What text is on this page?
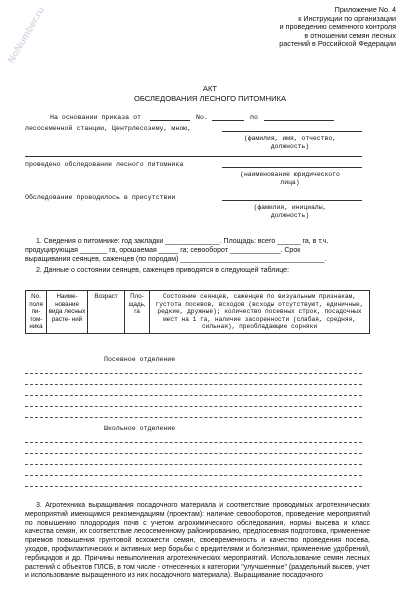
NoNumber.ru	Приложение No. 4
к Инструкции по организации
и проведению семенного контроля
в отношении семян лесных
растений в Российской Федерации
АКТ
ОБСЛЕДОВАНИЯ ЛЕСНОГО ПИТОМНИКА
На основании приказа от	No.	по
лесосеменной станции, Центрлесозему, мною,
(фамилия, имя, отчество, должность)
проведено обследование лесного питомника
(наименование юридического лица)
Обследование проводилось в присутствии
(фамилия, инициалы, должность)
1. Сведения о питомнике: год закладки ______________. Площадь: всего ______ га, в т.ч.
продуцирующая _______ га, орошаемая _____ га; севооборот _____________. Срок
выращивания сеянцев, саженцев (по породам) _____________________________________.
2. Данные о состоянии сеянцев, саженцев приводятся в следующей таблице:
No. поля пи- том- ника	Наиме- нование вида лесных расте- ний	Возраст	Пло- щадь, га	Состояние сеянцев, саженцев по визуальным признакам, густота посевов, всходов (всходы отсутствуют, единичные, редкие, дружные); количество посевных строк, посадочных мест на 1 га, наличие засоренности (слабая, средняя, сильная), преобладающие сорняки
Посевное отделение
Школьное отделение
3. Агротехника выращивания посадочного материала и соответствие проводимых агротехнических мероприятий имеющимся рекомендациям (проектам): наличие севооборотов, проведение мероприятий по повышению плодородия почв с учетом агрохимического обследования, нормы высева и класс качества семян, их соответствие лесосеменному районированию, предпосевная подготовка, применение приемов повышения грунтовой всхожести семян, своевременность и качество проведения посева, уходов, профилактических и активных мер борьбы с вредителями и болезнями, применение удобрений, гербицидов и др. Причины невыполнения агротехнических мероприятий. Использование семян лесных растений с объектов ПЛСБ, в том числе - отнесенных к категории "улучшенные" (раздельный высев, учет и использование выращенного из них посадочного материала). Выращивание посадочного
